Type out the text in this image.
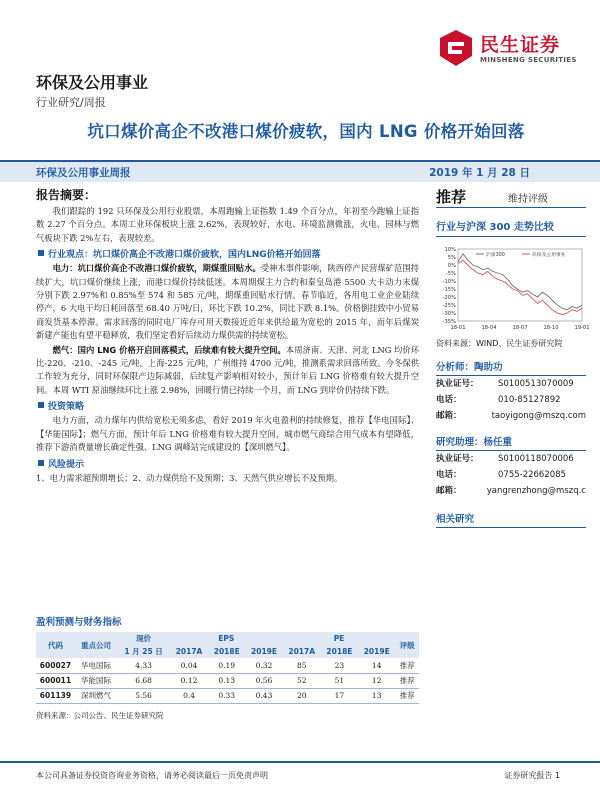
民生证券
MINSHENG SECURITIES
环保及公用事业
行业研究/周报
坑口煤价高企不改港口煤价疲软，国内 LNG 价格开始回落
环保及公用事业周报	2019 年 1 月 28 日
报告摘要：

我们跟踪的 192 只环保及公用行业股票，本周跑输上证指数 1.49 个百分点，年初至今跑输上证指数 2.27 个百分点。本周工业环保板块上涨 2.62%，表现较好，水电、环境监测微涨，火电、园林与燃气板块下跌 2%左右，表现较差。

行业观点：坑口煤价高企不改港口煤价疲软，国内LNG价格开始回落

电力：坑口煤价高企不改港口煤价疲软，期煤重回贴水。受神木事件影响，陕西停产民营煤矿范围持续扩大，坑口煤价继续上涨，而港口煤价持续低迷。本周期煤主力合约和秦皇岛港 5500 大卡动力末煤分别下跌 2.97%和 0.85%至 574 和 585 元/吨，期煤重回贴水行情。春节临近，各用电工业企业陆续停产，6 大电干均日耗回落至 68.40 万吨/日，环比下跌 10.2%，同比下跌 8.1%。价格倒挂致中小贸易商发货基本停滞。需求回落的同时电厂库存可用天数接近近年来供给最为宽松的 2015 年，而年后煤炭新建产能也有望平稳释放，我们坚定看好后续动力煤供需的持续宽松。

燃气：国内 LNG 价格开启回落模式，后续难有较大提升空间。本周济南、天津、河北 LNG 均价环比-220、-210、-245 元/吨，上海-225 元/吨，广州维持 4700 元/吨，推测系需求回落所致。今冬保供工作较为充分，同时环保限产边际减弱，后续复产影响相对较小，预计年后 LNG 价格难有较大提升空间。本周 WTI 原油继续环比上涨 2.98%，回暖行情已持续一个月，而 LNG 到岸价仍持续下跌。

投资策略

电力方面，动力煤年内供给宽松无须多虑，看好 2019 年火电盈利的持续修复，推荐【华电国际】、【华能国际】；燃气方面，预计年后 LNG 价格难有较大提升空间，城市燃气商综合用气成本有望降低，推荐下游消费量增长确定性强、LNG 调峰站完成建设的【深圳燃气】。

风险提示

1、电力需求超预期增长；2、动力煤供给不及预期；3、天然气供应增长不及预期。

推荐	维持评级
行业与沪深 300 走势比较
10%
5%
0%
-5%
-10%
-15%
-20%
-25%
-30%
-35%
18-01	18-04	18-07	18-10	19-01
沪深300	环保及公用事业
资料来源：WIND、民生证券研究院
分析师：陶助功
执业证号：	S0100513070009
电话：	010-85127892
邮箱：	taoyigong@mszq.com
研究助理：杨任重
执业证号：	S0100118070006
电话：	0755-22662085
邮箱：	yangrenzhong@mszq.c
相关研究
盈利预测与财务指标
代码	重点公司	现价	EPS			PE			评级
		1 月 25 日	2017A	2018E	2019E	2017A	2018E	2019E	
600027	华电国际	4.33	0.04	0.19	0.32	85	23	14	推荐
600011	华能国际	6.68	0.12	0.13	0.56	52	51	12	推荐
601139	深圳燃气	5.56	0.4	0.33	0.43	20	17	13	推荐
资料来源：公司公告、民生证券研究院
本公司具备证券投资咨询业务资格，请务必阅读最后一页免责声明	证券研究报告 1
